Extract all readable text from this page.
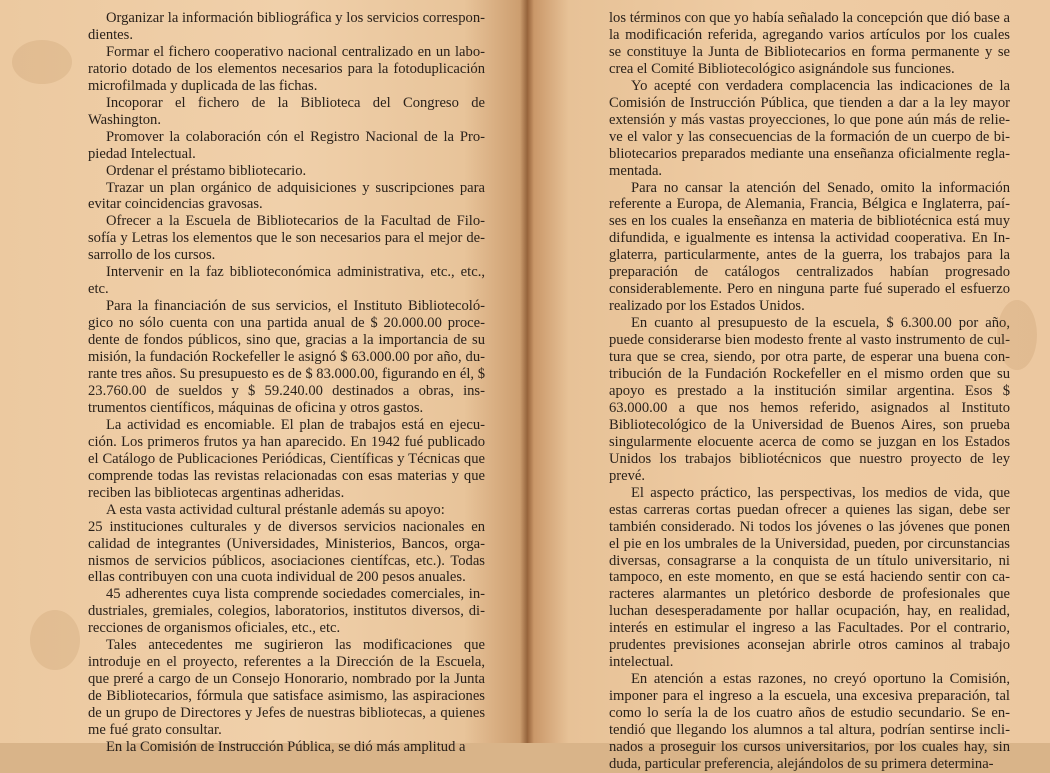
Organizar la información bibliográfica y los servicios correspondientes.

Formar el fichero cooperativo nacional centralizado en un laboratorio dotado de los elementos necesarios para la fotoduplicación microfilmada y duplicada de las fichas.

Incoporar el fichero de la Biblioteca del Congreso de Washington.

Promover la colaboración cón el Registro Nacional de la Propiedad Intelectual.

Ordenar el préstamo bibliotecario.

Trazar un plan orgánico de adquisiciones y suscripciones para evitar coincidencias gravosas.

Ofrecer a la Escuela de Bibliotecarios de la Facultad de Filosofía y Letras los elementos que le son necesarios para el mejor desarrollo de los cursos.

Intervenir en la faz biblioteconómica administrativa, etc., etc., etc.

Para la financiación de sus servicios, el Instituto Bibliotecológico no sólo cuenta con una partida anual de $ 20.000.00 procedente de fondos públicos, sino que, gracias a la importancia de su misión, la fundación Rockefeller le asignó $ 63.000.00 por año, durante tres años. Su presupuesto es de $ 83.000.00, figurando en él, $ 23.760.00 de sueldos y $ 59.240.00 destinados a obras, instrumentos científicos, máquinas de oficina y otros gastos.

La actividad es encomiable. El plan de trabajos está en ejecución. Los primeros frutos ya han aparecido. En 1942 fué publicado el Catálogo de Publicaciones Periódicas, Científicas y Técnicas que comprende todas las revistas relacionadas con esas materias y que reciben las bibliotecas argentinas adheridas.

A esta vasta actividad cultural préstanle además su apoyo:

25 instituciones culturales y de diversos servicios nacionales en calidad de integrantes (Universidades, Ministerios, Bancos, organismos de servicios públicos, asociaciones científcas, etc.). Todas ellas contribuyen con una cuota individual de 200 pesos anuales.

45 adherentes cuya lista comprende sociedades comerciales, industriales, gremiales, colegios, laboratorios, institutos diversos, direcciones de organismos oficiales, etc., etc.

Tales antecedentes me sugirieron las modificaciones que introduje en el proyecto, referentes a la Dirección de la Escuela, que preré a cargo de un Consejo Honorario, nombrado por la Junta de Bibliotecarios, fórmula que satisface asimismo, las aspiraciones de un grupo de Directores y Jefes de nuestras bibliotecas, a quienes me fué grato consultar.

En la Comisión de Instrucción Pública, se dió más amplitud a

los términos con que yo había señalado la concepción que dió base a la modificación referida, agregando varios artículos por los cuales se constituye la Junta de Bibliotecarios en forma permanente y se crea el Comité Bibliotecológico asignándole sus funciones.

Yo acepté con verdadera complacencia las indicaciones de la Comisión de Instrucción Pública, que tienden a dar a la ley mayor extensión y más vastas proyecciones, lo que pone aún más de relieve el valor y las consecuencias de la formación de un cuerpo de bibliotecarios preparados mediante una enseñanza oficialmente reglamentada.

Para no cansar la atención del Senado, omito la información referente a Europa, de Alemania, Francia, Bélgica e Inglaterra, países en los cuales la enseñanza en materia de bibliotécnica está muy difundida, e igualmente es intensa la actividad cooperativa. En Inglaterra, particularmente, antes de la guerra, los trabajos para la preparación de catálogos centralizados habían progresado considerablemente. Pero en ninguna parte fué superado el esfuerzo realizado por los Estados Unidos.

En cuanto al presupuesto de la escuela, $ 6.300.00 por año, puede considerarse bien modesto frente al vasto instrumento de cultura que se crea, siendo, por otra parte, de esperar una buena contribución de la Fundación Rockefeller en el mismo orden que su apoyo es prestado a la institución similar argentina. Esos $ 63.000.00 a que nos hemos referido, asignados al Instituto Bibliotecológico de la Universidad de Buenos Aires, son prueba singularmente elocuente acerca de como se juzgan en los Estados Unidos los trabajos bibliotécnicos que nuestro proyecto de ley prevé.

El aspecto práctico, las perspectivas, los medios de vida, que estas carreras cortas puedan ofrecer a quienes las sigan, debe ser también considerado. Ni todos los jóvenes o las jóvenes que ponen el pie en los umbrales de la Universidad, pueden, por circunstancias diversas, consagrarse a la conquista de un título universitario, ni tampoco, en este momento, en que se está haciendo sentir con caracteres alarmantes un pletórico desborde de profesionales que luchan desesperadamente por hallar ocupación, hay, en realidad, interés en estimular el ingreso a las Facultades. Por el contrario, prudentes previsiones aconsejan abrirle otros caminos al trabajo intelectual.

En atención a estas razones, no creyó oportuno la Comisión, imponer para el ingreso a la escuela, una excesiva preparación, tal como lo sería la de los cuatro años de estudio secundario. Se entendió que llegando los alumnos a tal altura, podrían sentirse inclinados a proseguir los cursos universitarios, por los cuales hay, sin duda, particular preferencia, alejándolos de su primera determina-
